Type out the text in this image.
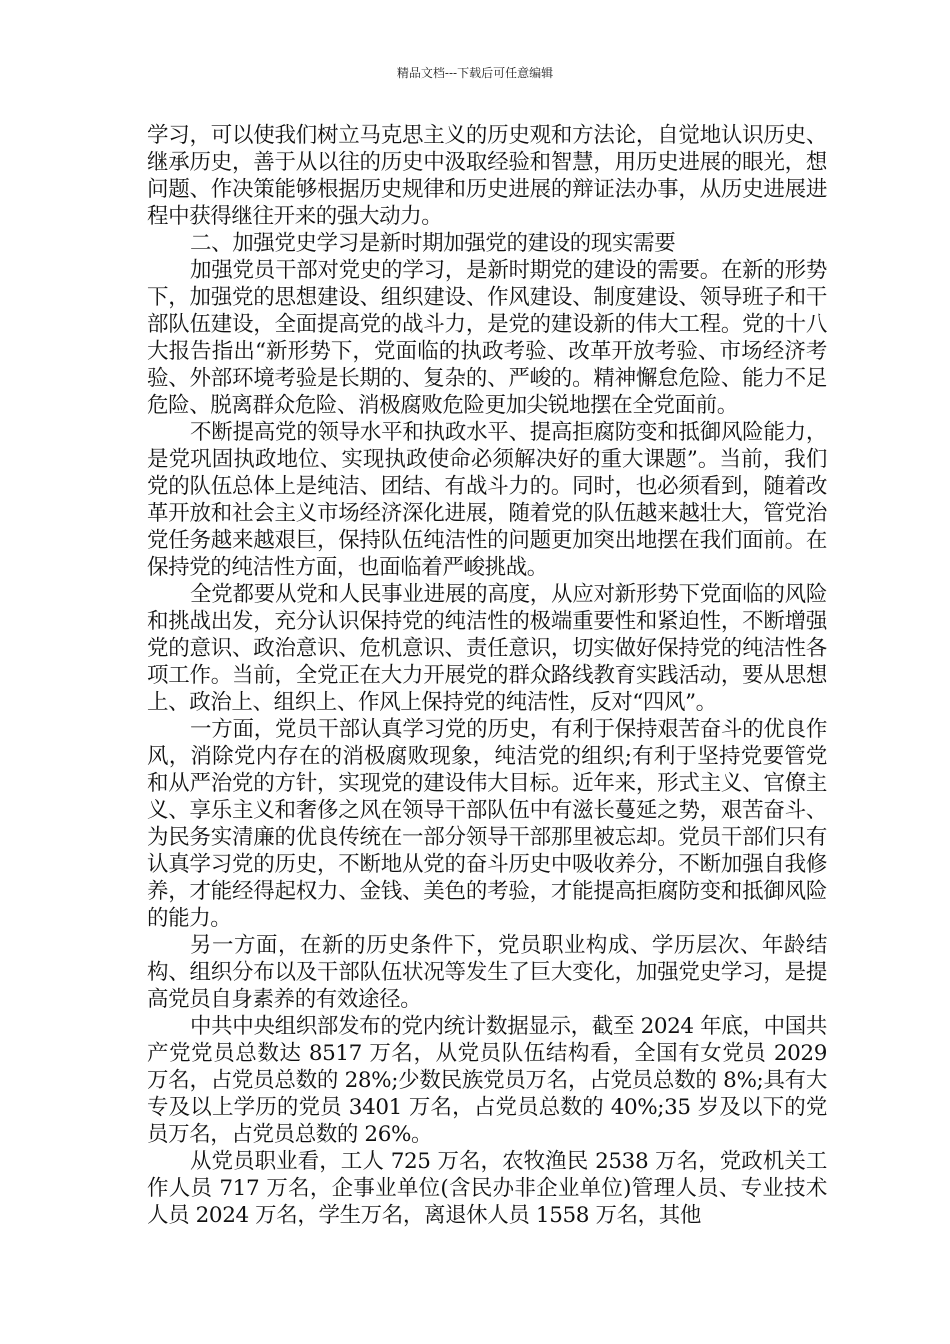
精品文档---下载后可任意编辑

学习，可以使我们树立马克思主义的历史观和方法论，自觉地认识历史、继承历史，善于从以往的历史中汲取经验和智慧，用历史进展的眼光，想问题、作决策能够根据历史规律和历史进展的辩证法办事，从历史进展进程中获得继往开来的强大动力。

二、加强党史学习是新时期加强党的建设的现实需要

加强党员干部对党史的学习，是新时期党的建设的需要。在新的形势下，加强党的思想建设、组织建设、作风建设、制度建设、领导班子和干部队伍建设，全面提高党的战斗力，是党的建设新的伟大工程。党的十八大报告指出“新形势下，党面临的执政考验、改革开放考验、市场经济考验、外部环境考验是长期的、复杂的、严峻的。精神懈怠危险、能力不足危险、脱离群众危险、消极腐败危险更加尖锐地摆在全党面前。

不断提高党的领导水平和执政水平、提高拒腐防变和抵御风险能力，是党巩固执政地位、实现执政使命必须解决好的重大课题”。当前，我们党的队伍总体上是纯洁、团结、有战斗力的。同时，也必须看到，随着改革开放和社会主义市场经济深化进展，随着党的队伍越来越壮大，管党治党任务越来越艰巨，保持队伍纯洁性的问题更加突出地摆在我们面前。在保持党的纯洁性方面，也面临着严峻挑战。

全党都要从党和人民事业进展的高度，从应对新形势下党面临的风险和挑战出发，充分认识保持党的纯洁性的极端重要性和紧迫性，不断增强党的意识、政治意识、危机意识、责任意识，切实做好保持党的纯洁性各项工作。当前，全党正在大力开展党的群众路线教育实践活动，要从思想上、政治上、组织上、作风上保持党的纯洁性，反对“四风”。

一方面，党员干部认真学习党的历史，有利于保持艰苦奋斗的优良作风，消除党内存在的消极腐败现象，纯洁党的组织;有利于坚持党要管党和从严治党的方针，实现党的建设伟大目标。近年来，形式主义、官僚主义、享乐主义和奢侈之风在领导干部队伍中有滋长蔓延之势，艰苦奋斗、为民务实清廉的优良传统在一部分领导干部那里被忘却。党员干部们只有认真学习党的历史，不断地从党的奋斗历史中吸收养分，不断加强自我修养，才能经得起权力、金钱、美色的考验，才能提高拒腐防变和抵御风险的能力。

另一方面，在新的历史条件下，党员职业构成、学历层次、年龄结构、组织分布以及干部队伍状况等发生了巨大变化，加强党史学习，是提高党员自身素养的有效途径。

中共中央组织部发布的党内统计数据显示，截至 2024 年底，中国共产党党员总数达 8517 万名，从党员队伍结构看，全国有女党员 2029 万名，占党员总数的 28%;少数民族党员万名，占党员总数的 8%;具有大专及以上学历的党员 3401 万名，占党员总数的 40%;35 岁及以下的党员万名，占党员总数的 26%。

从党员职业看，工人 725 万名，农牧渔民 2538 万名，党政机关工作人员 717 万名，企事业单位(含民办非企业单位)管理人员、专业技术人员 2024 万名，学生万名，离退休人员 1558 万名，其他
